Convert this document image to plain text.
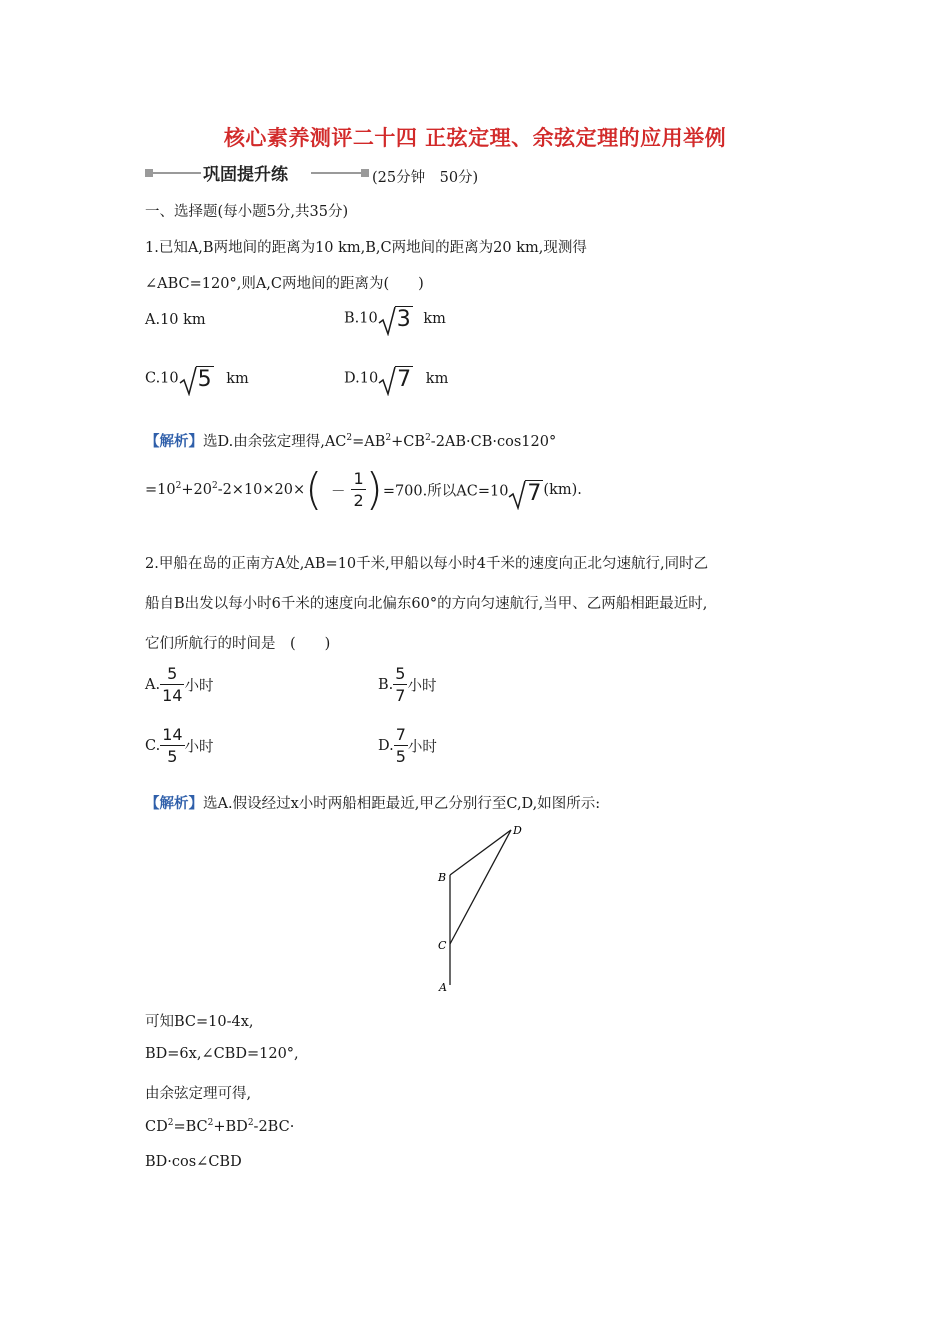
核心素养测评二十四 正弦定理、余弦定理的应用举例
巩固提升练	(25分钟　50分)
一、选择题(每小题5分,共35分)
1.已知A,B两地间的距离为10 km,B,C两地间的距离为20 km,现测得
∠ABC=120°,则A,C两地间的距离为(　　)
A.10 km	B.10 3 km
C.10 5 km	D.10 7 km
【解析】选D.由余弦定理得$,AC^2=AB^2+CB^2-2AB\cdot CB\cdot\cos 120^\circ$
$=10^2+20^2-2\times 10\times 20\times( - \frac{1}{2} )=700$.所以AC=10 7 (km).
2.甲船在岛的正南方A处,AB=10千米,甲船以每小时4千米的速度向正北匀速航行,同时乙
船自B出发以每小时6千米的速度向北偏东60°的方向匀速航行,当甲、乙两船相距最近时,
它们所航行的时间是　(　　)
A. $\frac{5}{14}$ 小时	B. $\frac{5}{7}$ 小时
C. $\frac{14}{5}$ 小时	D. $\frac{7}{5}$ 小时
【解析】选A.假设经过x小时两船相距最近,甲乙分别行至C,D,如图所示:
D
B
C
A
可知BC=10-4x,
BD=6x,∠CBD=120°,
由余弦定理可得,
$CD^2=BC^2+BD^2-2BC\cdot$
BD·cos∠CBD
